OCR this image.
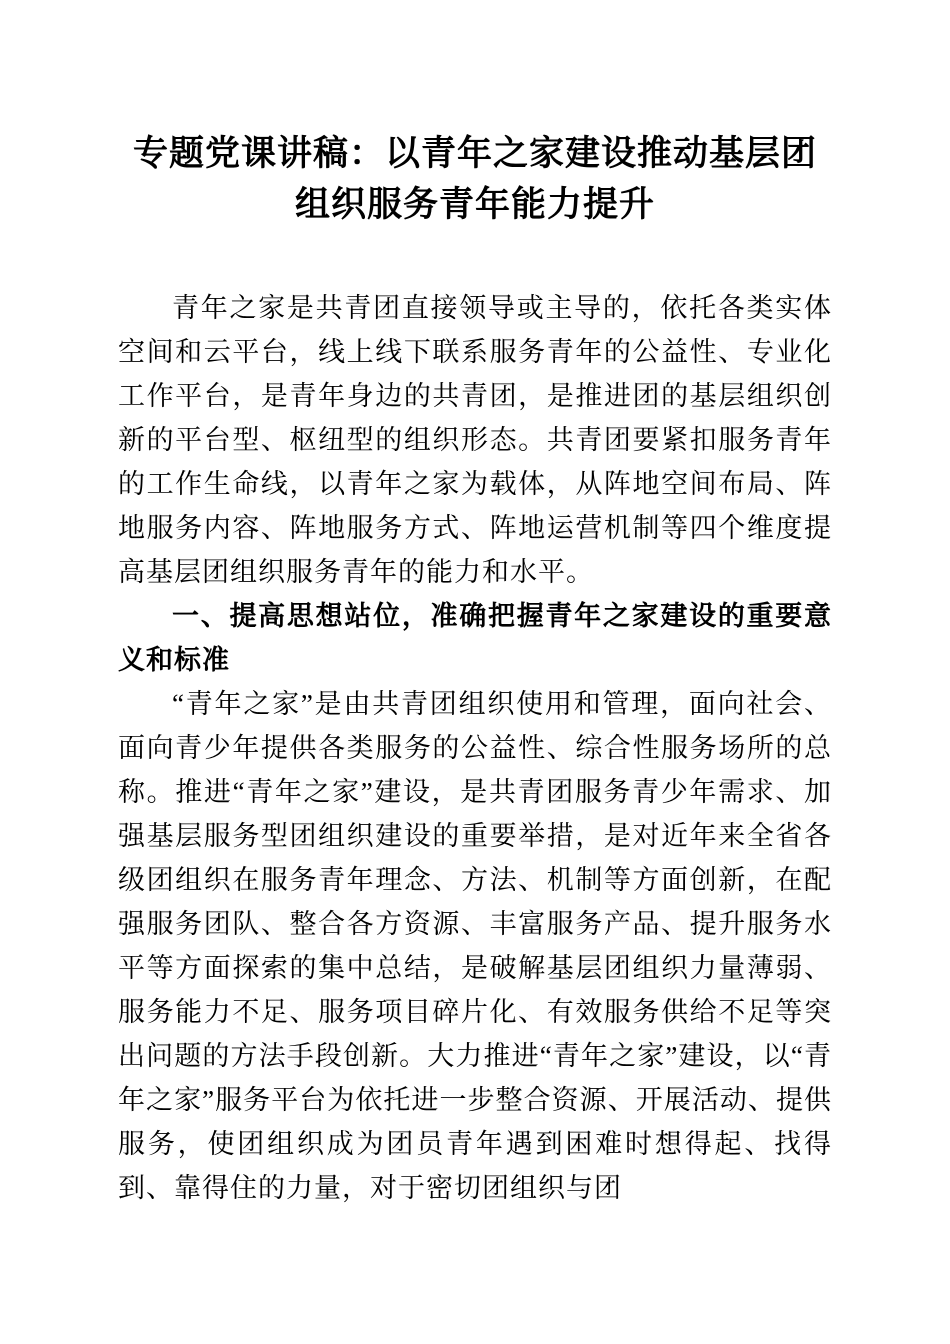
专题党课讲稿：以青年之家建设推动基层团组织服务青年能力提升

青年之家是共青团直接领导或主导的，依托各类实体空间和云平台，线上线下联系服务青年的公益性、专业化工作平台，是青年身边的共青团，是推进团的基层组织创新的平台型、枢纽型的组织形态。共青团要紧扣服务青年的工作生命线，以青年之家为载体，从阵地空间布局、阵地服务内容、阵地服务方式、阵地运营机制等四个维度提高基层团组织服务青年的能力和水平。

一、提高思想站位，准确把握青年之家建设的重要意义和标准

“青年之家”是由共青团组织使用和管理，面向社会、面向青少年提供各类服务的公益性、综合性服务场所的总称。推进“青年之家”建设，是共青团服务青少年需求、加强基层服务型团组织建设的重要举措，是对近年来全省各级团组织在服务青年理念、方法、机制等方面创新，在配强服务团队、整合各方资源、丰富服务产品、提升服务水平等方面探索的集中总结，是破解基层团组织力量薄弱、服务能力不足、服务项目碎片化、有效服务供给不足等突出问题的方法手段创新。大力推进“青年之家”建设，以“青年之家”服务平台为依托进一步整合资源、开展活动、提供服务，使团组织成为团员青年遇到困难时想得起、找得到、靠得住的力量，对于密切团组织与团
